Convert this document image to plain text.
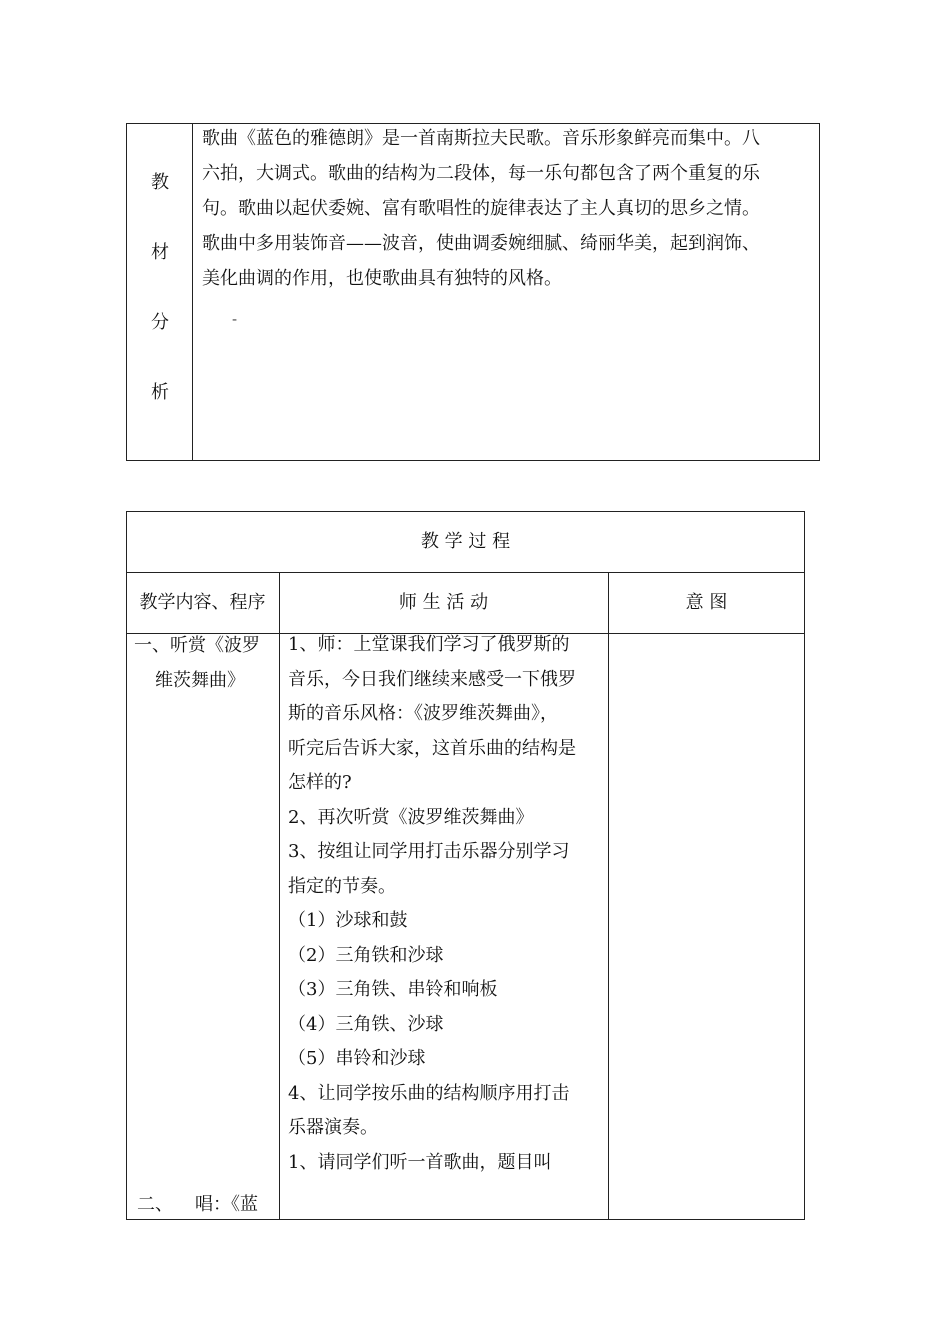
教
材
分
析
歌曲《蓝色的雅德朗》是一首南斯拉夫民歌。音乐形象鲜亮而集中。八
六拍，大调式。歌曲的结构为二段体，每一乐句都包含了两个重复的乐
句。歌曲以起伏委婉、富有歌唱性的旋律表达了主人真切的思乡之情。
歌曲中多用装饰音——波音，使曲调委婉细腻、绮丽华美，起到润饰、
美化曲调的作用，也使歌曲具有独特的风格。
-
教 学 过 程
教学内容、程序	师 生 活 动	意 图
一、听赏《波罗
维茨舞曲》
二、 唱：《蓝
1、师：上堂课我们学习了俄罗斯的
音乐，今日我们继续来感受一下俄罗
斯的音乐风格：《波罗维茨舞曲》，
听完后告诉大家，这首乐曲的结构是
怎样的?
2、再次听赏《波罗维茨舞曲》
3、按组让同学用打击乐器分别学习
指定的节奏。
（1）沙球和鼓
（2）三角铁和沙球
（3）三角铁、串铃和响板
（4）三角铁、沙球
（5）串铃和沙球
4、让同学按乐曲的结构顺序用打击
乐器演奏。
1、请同学们听一首歌曲，题目叫
